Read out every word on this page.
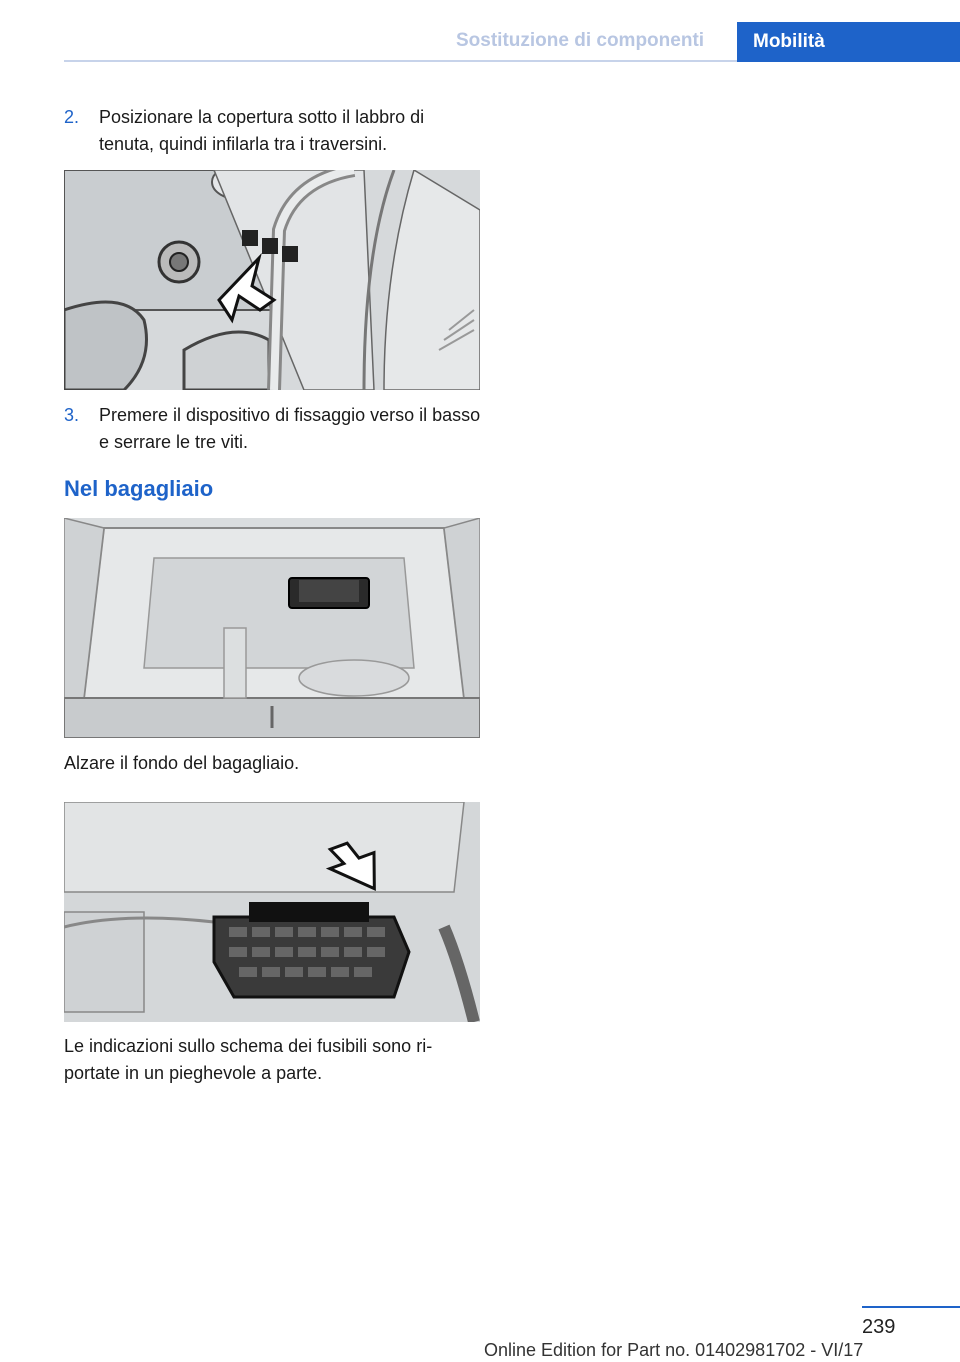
Sostituzione di componenti	Mobilità
2. Posizionare la copertura sotto il labbro di tenuta, quindi infilarla tra i traversini.
3. Premere il dispositivo di fissaggio verso il basso e serrare le tre viti.
Nel bagagliaio
Alzare il fondo del bagagliaio.
Le indicazioni sullo schema dei fusibili sono ri-
portate in un pieghevole a parte.
239
Online Edition for Part no. 01402981702 - VI/17
